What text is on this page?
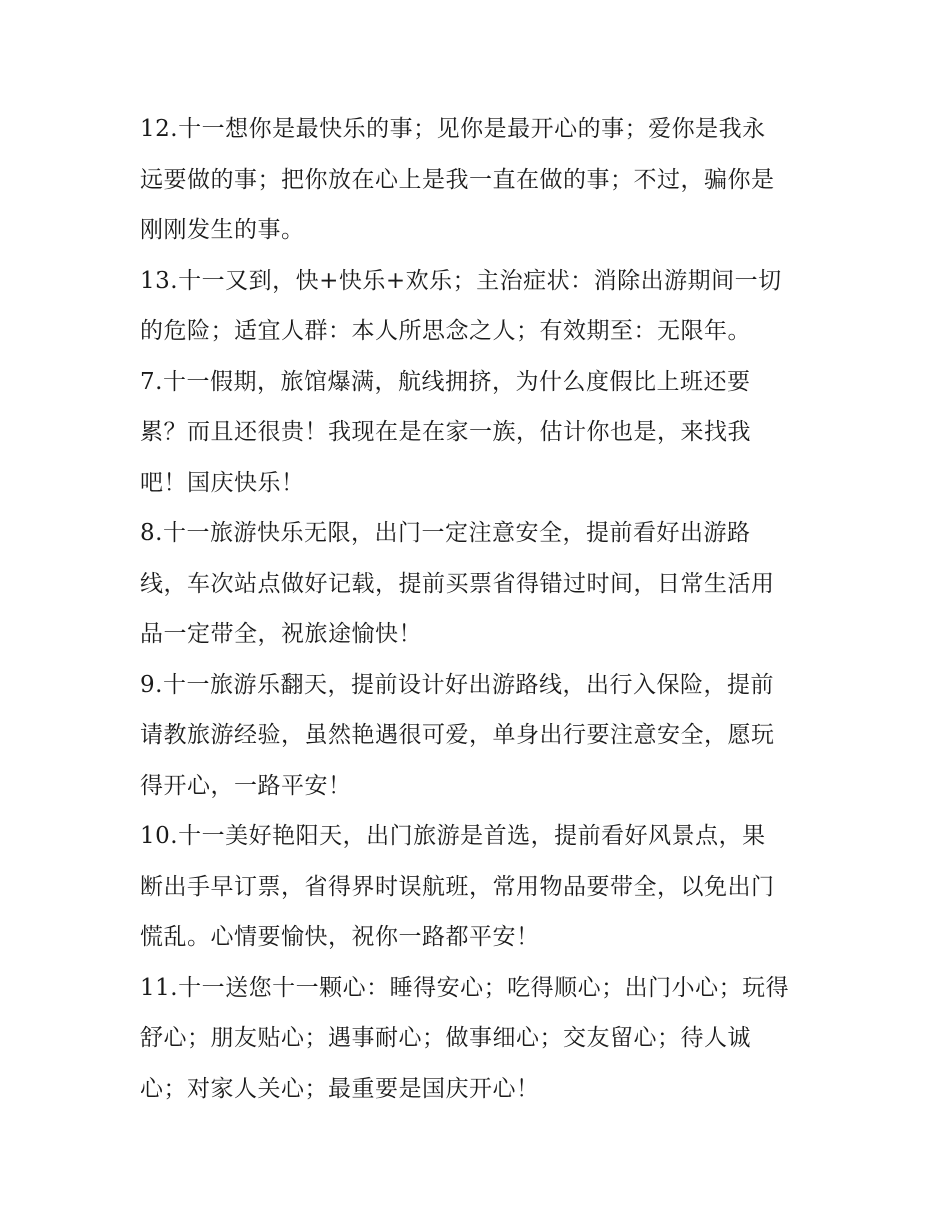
12.十一想你是最快乐的事；见你是最开心的事；爱你是我永
远要做的事；把你放在心上是我一直在做的事；不过，骗你是
刚刚发生的事。

13.十一又到，快+快乐+欢乐；主治症状：消除出游期间一切
的危险；适宜人群：本人所思念之人；有效期至：无限年。

7.十一假期，旅馆爆满，航线拥挤，为什么度假比上班还要
累？而且还很贵！我现在是在家一族，估计你也是，来找我
吧！国庆快乐！

8.十一旅游快乐无限，出门一定注意安全，提前看好出游路
线，车次站点做好记载，提前买票省得错过时间，日常生活用
品一定带全，祝旅途愉快！

9.十一旅游乐翻天，提前设计好出游路线，出行入保险，提前
请教旅游经验，虽然艳遇很可爱，单身出行要注意安全，愿玩
得开心，一路平安！

10.十一美好艳阳天，出门旅游是首选，提前看好风景点，果
断出手早订票，省得界时误航班，常用物品要带全，以免出门
慌乱。心情要愉快，祝你一路都平安！

11.十一送您十一颗心：睡得安心；吃得顺心；出门小心；玩得
舒心；朋友贴心；遇事耐心；做事细心；交友留心；待人诚
心；对家人关心；最重要是国庆开心！
